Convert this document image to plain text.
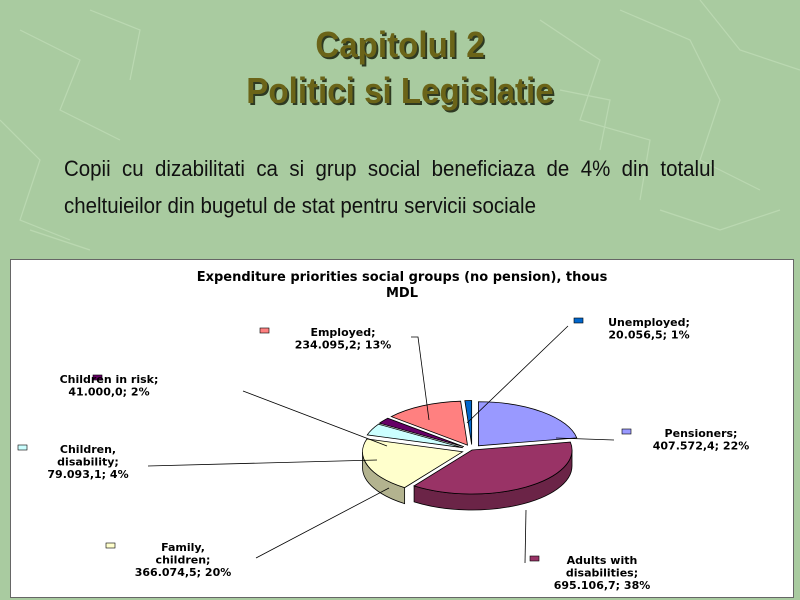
Capitolul 2
Politici si Legislatie
Copii cu dizabilitati ca si grup social beneficiaza de 4% din totalul cheltuieilor din bugetul de stat pentru servicii sociale
Expenditure priorities social groups (no pension), thous
MDL
Pensioners;
407.572,4; 22%
Adults with
disabilities;
695.106,7; 38%
Family,
children;
366.074,5; 20%
Children,
disability;
79.093,1; 4%
Children in risk;
41.000,0; 2%
Employed;
234.095,2; 13%
Unemployed;
20.056,5; 1%
